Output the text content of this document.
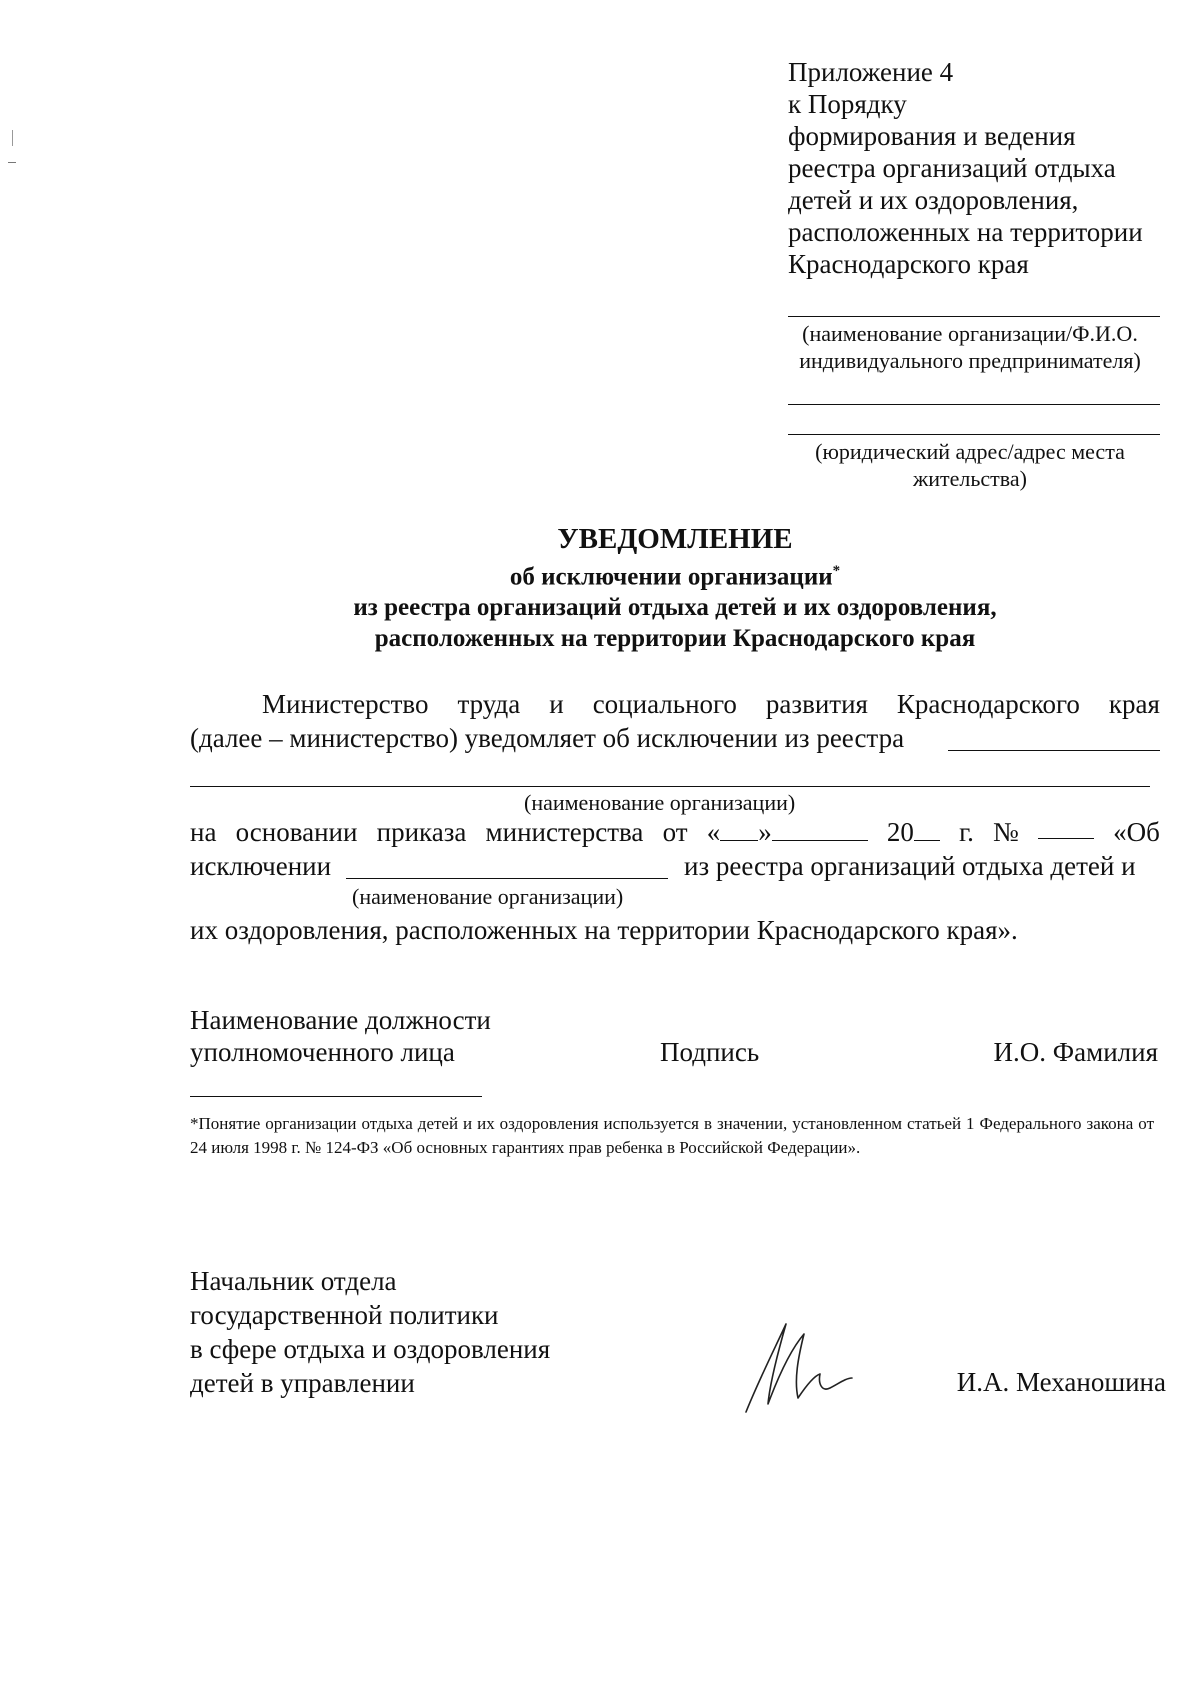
Приложение 4
к Порядку
формирования и ведения
реестра организаций отдыха
детей и их оздоровления,
расположенных на территории
Краснодарского края
(наименование организации/Ф.И.О.
индивидуального предпринимателя)
(юридический адрес/адрес места
жительства)
УВЕДОМЛЕНИЕ
об исключении организации*
из реестра организаций отдыха детей и их оздоровления,
расположенных на территории Краснодарского края
Министерство труда и социального развития Краснодарского края
(далее – министерство) уведомляет об исключении из реестра
(наименование организации)
на основании приказа министерства от « »	20	г. №	«Об
исключении	из реестра организаций отдыха детей и
(наименование организации)
их оздоровления, расположенных на территории Краснодарского края».
Наименование должности
уполномоченного лица	Подпись	И.О. Фамилия
*Понятие организации отдыха детей и их оздоровления используется в значении, установленном статьей 1 Федерального закона от 24 июля 1998 г. № 124-ФЗ «Об основных гарантиях прав ребенка в Российской Федерации».
Начальник отдела
государственной политики
в сфере отдыха и оздоровления
детей в управлении	И.А. Механошина
